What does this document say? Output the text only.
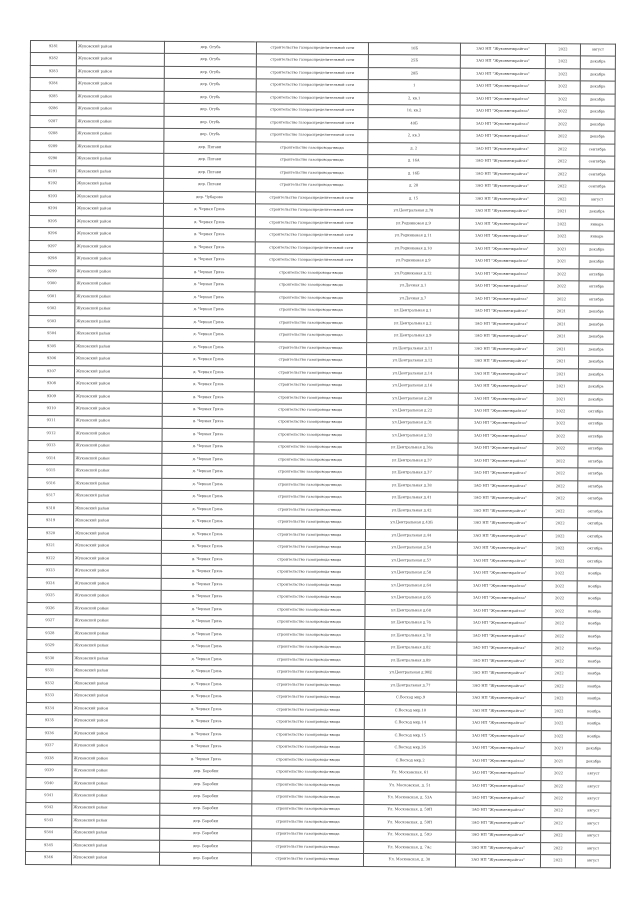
9281	Жуковский район	дер. Огубь	строительство газораспределительной сети	10Б	ЗАО НП "Жуковмежрайгаз"	2022	август
9282	Жуковский район	дер. Огубь	строительство газораспределительной сети	25Б	ЗАО НП "Жуковмежрайгаз"	2022	декабрь
9283	Жуковский район	дер. Огубь	строительство газораспределительной сети	28Б	ЗАО НП "Жуковмежрайгаз"	2022	декабрь
9284	Жуковский район	дер. Огубь	строительство газораспределительной сети	1	ЗАО НП "Жуковмежрайгаз"	2022	декабрь
9285	Жуковский район	дер. Огубь	строительство газораспределительной сети	2, кв.1	ЗАО НП "Жуковмежрайгаз"	2022	декабрь
9286	Жуковский район	дер. Огубь	строительство газораспределительной сети	10, кв.2	ЗАО НП "Жуковмежрайгаз"	2022	декабрь
9287	Жуковский район	дер. Огубь	строительство газораспределительной сети	40Б	ЗАО НП "Жуковмежрайгаз"	2022	декабрь
9288	Жуковский район	дер. Огубь	строительство газораспределительной сети	2, кв.3	ЗАО НП "Жуковмежрайгаз"	2022	декабрь
9289	Жуковский район	дер. Пигави	строительство газопровода-ввода	д. 2	ЗАО НП "Жуковмежрайгаз"	2022	сентябрь
9290	Жуковский район	дер. Пигави	строительство газопровода-ввода	д. 16А	ЗАО НП "Жуковмежрайгаз"	2022	сентябрь
9291	Жуковский район	дер. Пигави	строительство газопровода-ввода	д. 16Б	ЗАО НП "Жуковмежрайгаз"	2022	сентябрь
9292	Жуковский район	дер. Пигави	строительство газопровода-ввода	д. 28	ЗАО НП "Жуковмежрайгаз"	2022	сентябрь
9293	Жуковский район	дер. Чубарово	строительство газораспределительной сети	д. 15	ЗАО НП "Жуковмежрайгаз"	2022	август
9294	Жуковский район	д. Черная Грязь	строительство газораспределительной сети	ул.Центральная д.78	ЗАО НП "Жуковмежрайгаз"	2021	декабрь
9295	Жуковский район	д. Черная Грязь	строительство газораспределительной сети	ул.Родниковая д.9	ЗАО НП "Жуковмежрайгаз"	2022	январь
9296	Жуковский район	д. Черная Грязь	строительство газораспределительной сети	ул.Родниковая д.11	ЗАО НП "Жуковмежрайгаз"	2022	январь
9297	Жуковский район	д. Черная Грязь	строительство газораспределительной сети	ул.Родниковая д.10	ЗАО НП "Жуковмежрайгаз"	2021	декабрь
9298	Жуковский район	д. Черная Грязь	строительство газораспределительной сети	ул.Родниковая д.9	ЗАО НП "Жуковмежрайгаз"	2021	декабрь
9299	Жуковский район	д. Черная Грязь	строительство газопровода-ввода	ул.Родниковая д.12	ЗАО НП "Жуковмежрайгаз"	2022	октябрь
9300	Жуковский район	д. Черная Грязь	строительство газопровода-ввода	ул.Дачная д.1	ЗАО НП "Жуковмежрайгаз"	2022	октябрь
9301	Жуковский район	д. Черная Грязь	строительство газопровода-ввода	ул.Дачная д.7	ЗАО НП "Жуковмежрайгаз"	2022	октябрь
9302	Жуковский район	д. Черная Грязь	строительство газопровода-ввода	ул.Центральная д.1	ЗАО НП "Жуковмежрайгаз"	2021	декабрь
9303	Жуковский район	д. Черная Грязь	строительство газопровода-ввода	ул.Центральная д.2	ЗАО НП "Жуковмежрайгаз"	2021	декабрь
9304	Жуковский район	д. Черная Грязь	строительство газопровода-ввода	ул.Центральная д.9	ЗАО НП "Жуковмежрайгаз"	2021	декабрь
9305	Жуковский район	д. Черная Грязь	строительство газопровода-ввода	ул.Центральная д.11	ЗАО НП "Жуковмежрайгаз"	2021	декабрь
9306	Жуковский район	д. Черная Грязь	строительство газопровода-ввода	ул.Центральная д.12	ЗАО НП "Жуковмежрайгаз"	2021	декабрь
9307	Жуковский район	д. Черная Грязь	строительство газопровода-ввода	ул.Центральная д.14	ЗАО НП "Жуковмежрайгаз"	2021	декабрь
9308	Жуковский район	д. Черная Грязь	строительство газопровода-ввода	ул.Центральная д.16	ЗАО НП "Жуковмежрайгаз"	2021	декабрь
9309	Жуковский район	д. Черная Грязь	строительство газопровода-ввода	ул.Центральная д.20	ЗАО НП "Жуковмежрайгаз"	2021	декабрь
9310	Жуковский район	д. Черная Грязь	строительство газопровода-ввода	ул.Центральная д.22	ЗАО НП "Жуковмежрайгаз"	2022	октябрь
9311	Жуковский район	д. Черная Грязь	строительство газопровода-ввода	ул.Центральная д.31	ЗАО НП "Жуковмежрайгаз"	2022	октябрь
9312	Жуковский район	д. Черная Грязь	строительство газопровода-ввода	ул.Центральная д.33	ЗАО НП "Жуковмежрайгаз"	2022	октябрь
9313	Жуковский район	д. Черная Грязь	строительство газопровода-ввода	ул.Центральная д.36а	ЗАО НП "Жуковмежрайгаз"	2022	октябрь
9314	Жуковский район	д. Черная Грязь	строительство газопровода-ввода	ул.Центральная д.37	ЗАО НП "Жуковмежрайгаз"	2022	октябрь
9315	Жуковский район	д. Черная Грязь	строительство газопровода-ввода	ул.Центральная д.37	ЗАО НП "Жуковмежрайгаз"	2022	октябрь
9316	Жуковский район	д. Черная Грязь	строительство газопровода-ввода	ул.Центральная д.38	ЗАО НП "Жуковмежрайгаз"	2022	октябрь
9317	Жуковский район	д. Черная Грязь	строительство газопровода-ввода	ул.Центральная д.41	ЗАО НП "Жуковмежрайгаз"	2022	октябрь
9318	Жуковский район	д. Черная Грязь	строительство газопровода-ввода	ул.Центральная д.42	ЗАО НП "Жуковмежрайгаз"	2022	октябрь
9319	Жуковский район	д. Черная Грязь	строительство газопровода-ввода	ул.Центральная д.43Б	ЗАО НП "Жуковмежрайгаз"	2022	октябрь
9320	Жуковский район	д. Черная Грязь	строительство газопровода-ввода	ул.Центральная д.44	ЗАО НП "Жуковмежрайгаз"	2022	октябрь
9321	Жуковский район	д. Черная Грязь	строительство газопровода-ввода	ул.Центральная д.54	ЗАО НП "Жуковмежрайгаз"	2022	октябрь
9322	Жуковский район	д. Черная Грязь	строительство газопровода-ввода	ул.Центральная д.57	ЗАО НП "Жуковмежрайгаз"	2022	октябрь
9323	Жуковский район	д. Черная Грязь	строительство газопровода-ввода	ул.Центральная д.58	ЗАО НП "Жуковмежрайгаз"	2022	ноябрь
9324	Жуковский район	д. Черная Грязь	строительство газопровода-ввода	ул.Центральная д.64	ЗАО НП "Жуковмежрайгаз"	2022	ноябрь
9325	Жуковский район	д. Черная Грязь	строительство газопровода-ввода	ул.Центральная д.65	ЗАО НП "Жуковмежрайгаз"	2022	ноябрь
9326	Жуковский район	д. Черная Грязь	строительство газопровода-ввода	ул.Центральная д.68	ЗАО НП "Жуковмежрайгаз"	2022	ноябрь
9327	Жуковский район	д. Черная Грязь	строительство газопровода-ввода	ул.Центральная д.76	ЗАО НП "Жуковмежрайгаз"	2022	ноябрь
9328	Жуковский район	д. Черная Грязь	строительство газопровода-ввода	ул.Центральная д.78	ЗАО НП "Жуковмежрайгаз"	2022	ноябрь
9329	Жуковский район	д. Черная Грязь	строительство газопровода-ввода	ул.Центральная д.82	ЗАО НП "Жуковмежрайгаз"	2022	ноябрь
9330	Жуковский район	д. Черная Грязь	строительство газопровода-ввода	ул.Центральная д.89	ЗАО НП "Жуковмежрайгаз"	2022	ноябрь
9331	Жуковский район	д. Черная Грязь	строительство газопровода-ввода	ул.Центральная д.90Е	ЗАО НП "Жуковмежрайгаз"	2022	ноябрь
9332	Жуковский район	д. Черная Грязь	строительство газопровода-ввода	ул.Центральная д.77	ЗАО НП "Жуковмежрайгаз"	2022	ноябрь
9333	Жуковский район	д. Черная Грязь	строительство газопровода-ввода	С.Восход мкр.9	ЗАО НП "Жуковмежрайгаз"	2022	ноябрь
9334	Жуковский район	д. Черная Грязь	строительство газопровода-ввода	С.Восход мкр.10	ЗАО НП "Жуковмежрайгаз"	2022	ноябрь
9335	Жуковский район	д. Черная Грязь	строительство газопровода-ввода	С.Восход мкр.14	ЗАО НП "Жуковмежрайгаз"	2022	ноябрь
9336	Жуковский район	д. Черная Грязь	строительство газопровода-ввода	С.Восход мкр.15	ЗАО НП "Жуковмежрайгаз"	2022	ноябрь
9337	Жуковский район	д. Черная Грязь	строительство газопровода-ввода	С.Восход мкр.26	ЗАО НП "Жуковмежрайгаз"	2021	декабрь
9338	Жуковский район	д. Черная Грязь	строительство газопровода-ввода	С.Восход мкр.2	ЗАО НП "Жуковмежрайгаз"	2021	декабрь
9339	Жуковский район	дер. Боробки	строительство газопровода-ввода	Ул. Московская, 61	ЗАО НП "Жуковмежрайгаз"	2022	август
9340	Жуковский район	дер. Боробки	строительство газопровода-ввода	Ул. Московская, д. 51	ЗАО НП "Жуковмежрайгаз"	2022	август
9341	Жуковский район	дер. Боробки	строительство газопровода-ввода	Ул. Московская, д. 53А	ЗАО НП "Жуковмежрайгаз"	2022	август
9342	Жуковский район	дер. Боробки	строительство газопровода-ввода	Ул. Московская, д. 59П	ЗАО НП "Жуковмежрайгаз"	2022	август
9343	Жуковский район	дер. Боробки	строительство газопровода-ввода	Ул. Московская, д. 59П	ЗАО НП "Жуковмежрайгаз"	2022	август
9344	Жуковский район	дер. Боробки	строительство газопровода-ввода	Ул. Московская, д. 59Э	ЗАО НП "Жуковмежрайгаз"	2022	август
9345	Жуковский район	дер. Боробки	строительство газопровода-ввода	Ул. Московская, д. 7Ас	ЗАО НП "Жуковмежрайгаз"	2022	август
9346	Жуковский район	дер. Боробки	строительство газопровода-ввода	Ул. Московская, д. 30	ЗАО НП "Жуковмежрайгаз"	2022	август
